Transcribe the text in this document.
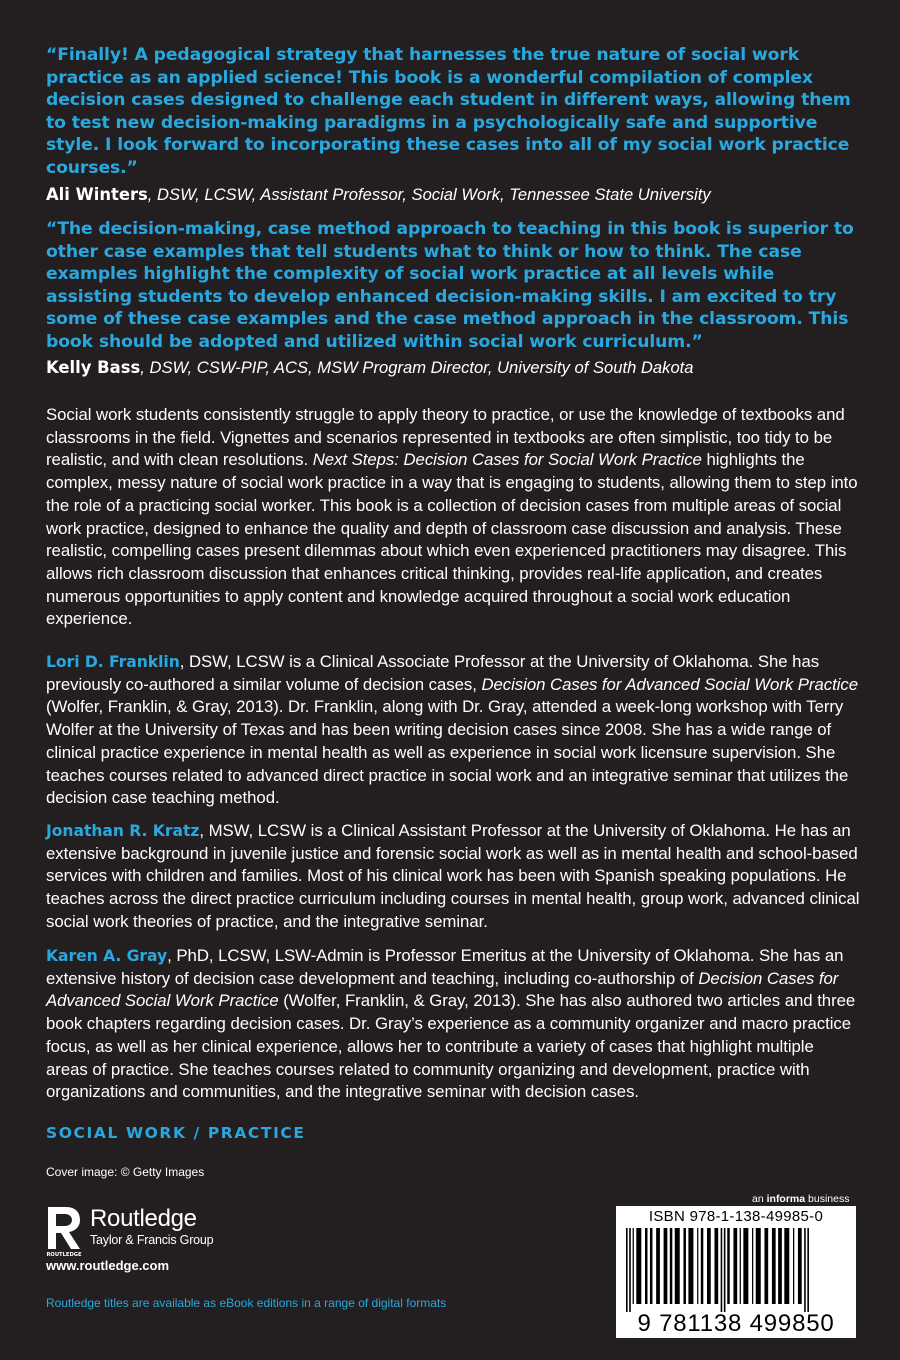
“Finally! A pedagogical strategy that harnesses the true nature of social work practice as an applied science! This book is a wonderful compilation of complex decision cases designed to challenge each student in different ways, allowing them to test new decision-making paradigms in a psychologically safe and supportive style. I look forward to incorporating these cases into all of my social work practice courses.”
Ali Winters, DSW, LCSW, Assistant Professor, Social Work, Tennessee State University
“The decision-making, case method approach to teaching in this book is superior to other case examples that tell students what to think or how to think. The case examples highlight the complexity of social work practice at all levels while assisting students to develop enhanced decision-making skills. I am excited to try some of these case examples and the case method approach in the classroom. This book should be adopted and utilized within social work curriculum.”
Kelly Bass, DSW, CSW-PIP, ACS, MSW Program Director, University of South Dakota
Social work students consistently struggle to apply theory to practice, or use the knowledge of textbooks and classrooms in the field. Vignettes and scenarios represented in textbooks are often simplistic, too tidy to be realistic, and with clean resolutions. Next Steps: Decision Cases for Social Work Practice highlights the complex, messy nature of social work practice in a way that is engaging to students, allowing them to step into the role of a practicing social worker. This book is a collection of decision cases from multiple areas of social work practice, designed to enhance the quality and depth of classroom case discussion and analysis. These realistic, compelling cases present dilemmas about which even experienced practitioners may disagree. This allows rich classroom discussion that enhances critical thinking, provides real-life application, and creates numerous opportunities to apply content and knowledge acquired throughout a social work education experience.
Lori D. Franklin, DSW, LCSW is a Clinical Associate Professor at the University of Oklahoma. She has previously co-authored a similar volume of decision cases, Decision Cases for Advanced Social Work Practice (Wolfer, Franklin, & Gray, 2013). Dr. Franklin, along with Dr. Gray, attended a week-long workshop with Terry Wolfer at the University of Texas and has been writing decision cases since 2008. She has a wide range of clinical practice experience in mental health as well as experience in social work licensure supervision. She teaches courses related to advanced direct practice in social work and an integrative seminar that utilizes the decision case teaching method.
Jonathan R. Kratz, MSW, LCSW is a Clinical Assistant Professor at the University of Oklahoma. He has an extensive background in juvenile justice and forensic social work as well as in mental health and school-based services with children and families. Most of his clinical work has been with Spanish speaking populations. He teaches across the direct practice curriculum including courses in mental health, group work, advanced clinical social work theories of practice, and the integrative seminar.
Karen A. Gray, PhD, LCSW, LSW-Admin is Professor Emeritus at the University of Oklahoma. She has an extensive history of decision case development and teaching, including co-authorship of Decision Cases for Advanced Social Work Practice (Wolfer, Franklin, & Gray, 2013). She has also authored two articles and three book chapters regarding decision cases. Dr. Gray’s experience as a community organizer and macro practice focus, as well as her clinical experience, allows her to contribute a variety of cases that highlight multiple areas of practice. She teaches courses related to community organizing and development, practice with organizations and communities, and the integrative seminar with decision cases.
SOCIAL WORK / PRACTICE
Cover image: © Getty Images
ROUTLEDGE
Routledge
Taylor & Francis Group
www.routledge.com
Routledge titles are available as eBook editions in a range of digital formats
an informa business
ISBN 978-1-138-49985-0
9 781138 499850
